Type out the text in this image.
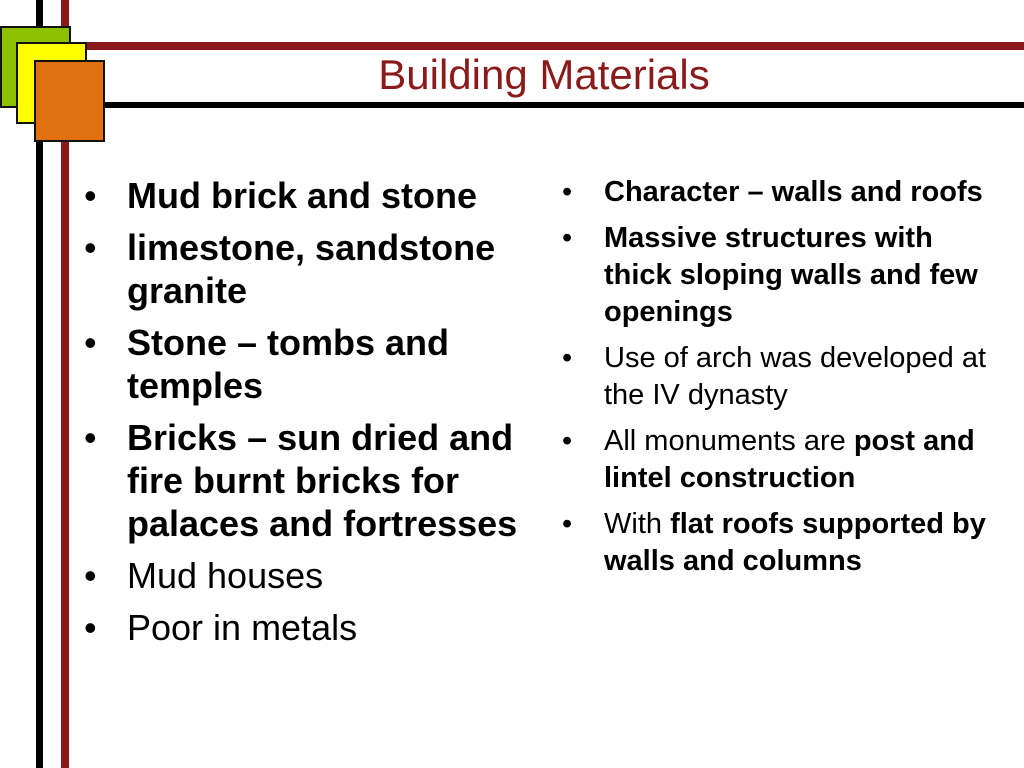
Building Materials
• Mud brick and stone
• limestone, sandstone granite
• Stone – tombs and temples
• Bricks – sun dried and fire burnt bricks for palaces and fortresses
• Mud houses
• Poor in metals
• Character – walls and roofs
• Massive structures with thick sloping walls and few openings
• Use of arch was developed at the IV dynasty
• All monuments are post and lintel construction
• With flat roofs supported by walls and columns
